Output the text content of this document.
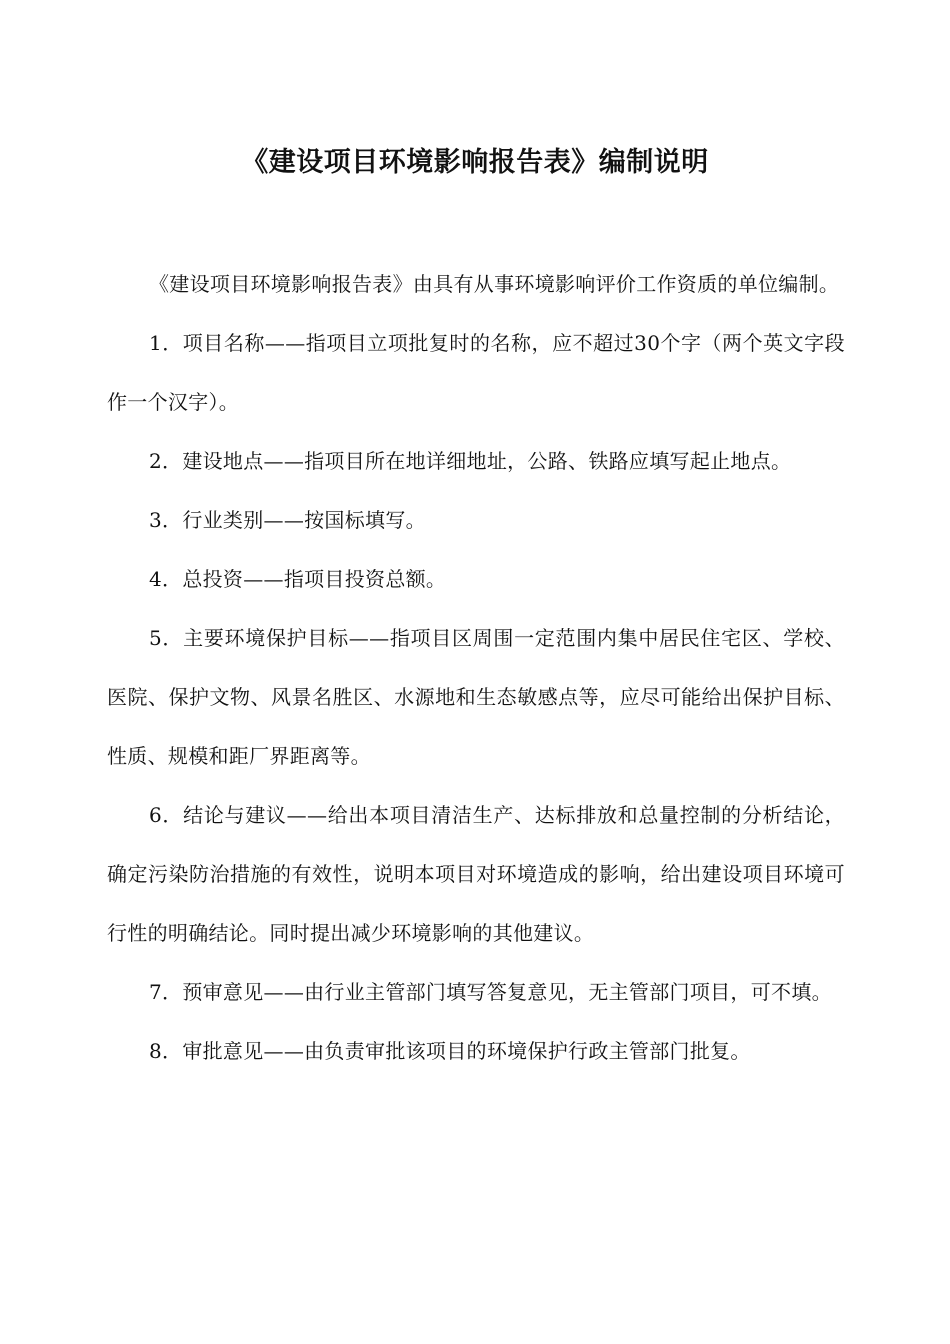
《建设项目环境影响报告表》编制说明

《建设项目环境影响报告表》由具有从事环境影响评价工作资质的单位编制。

1．项目名称——指项目立项批复时的名称，应不超过30个字（两个英文字段作一个汉字）。

2．建设地点——指项目所在地详细地址，公路、铁路应填写起止地点。

3．行业类别——按国标填写。

4．总投资——指项目投资总额。

5．主要环境保护目标——指项目区周围一定范围内集中居民住宅区、学校、医院、保护文物、风景名胜区、水源地和生态敏感点等，应尽可能给出保护目标、性质、规模和距厂界距离等。

6．结论与建议——给出本项目清洁生产、达标排放和总量控制的分析结论，确定污染防治措施的有效性，说明本项目对环境造成的影响，给出建设项目环境可行性的明确结论。同时提出减少环境影响的其他建议。

7．预审意见——由行业主管部门填写答复意见，无主管部门项目，可不填。

8．审批意见——由负责审批该项目的环境保护行政主管部门批复。
